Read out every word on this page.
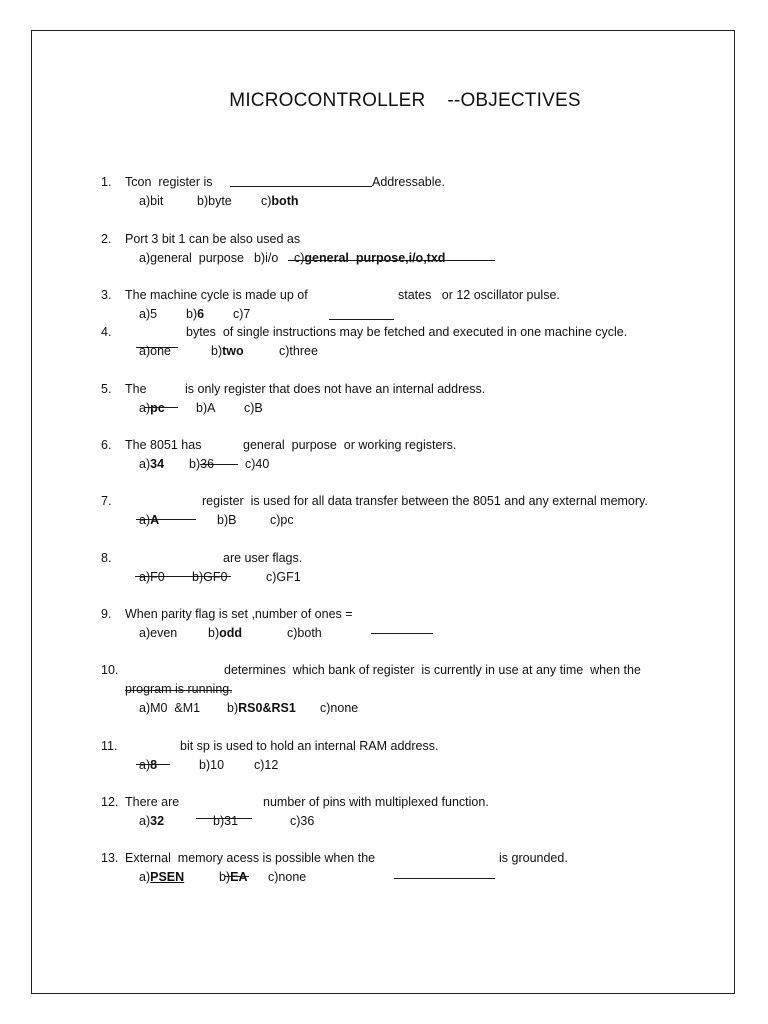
MICROCONTROLLER    --OBJECTIVES
1. Tcon  register is	Addressable.
a)bit	b)byte c)both
2. Port 3 bit 1 can be also used as
a)general  purpose b)i/o c)general  purpose,i/o,txd
3. The machine cycle is made up of	states   or 12 oscillator pulse.
a)5 b)6 c)7
4.	bytes  of single instructions may be fetched and executed in one machine cycle.
a)one	b)two	c)three
5. The	is only register that does not have an internal address.
a)pc	b)A c)B
6. The 8051 has	general  purpose  or working registers.
a)34 b)36 c)40
7.	register  is used for all data transfer between the 8051 and any external memory.
a)A	b)B	c)pc
8.	are user flags.
a)F0 b)GF0	c)GF1
9. When parity flag is set ,number of ones =
a)even b)odd	c)both
10.	determines  which bank of register  is currently in use at any time  when the
program is running.
a)M0  &M1 b)RS0&RS1 c)none
11.	bit sp is used to hold an internal RAM address.
a)8	b)10 c)12
12. There are	number of pins with multiplexed function.
a)32	b)31	c)36
13. External  memory acess is possible when the	is grounded.
a)PSEN	b)EA c)none
